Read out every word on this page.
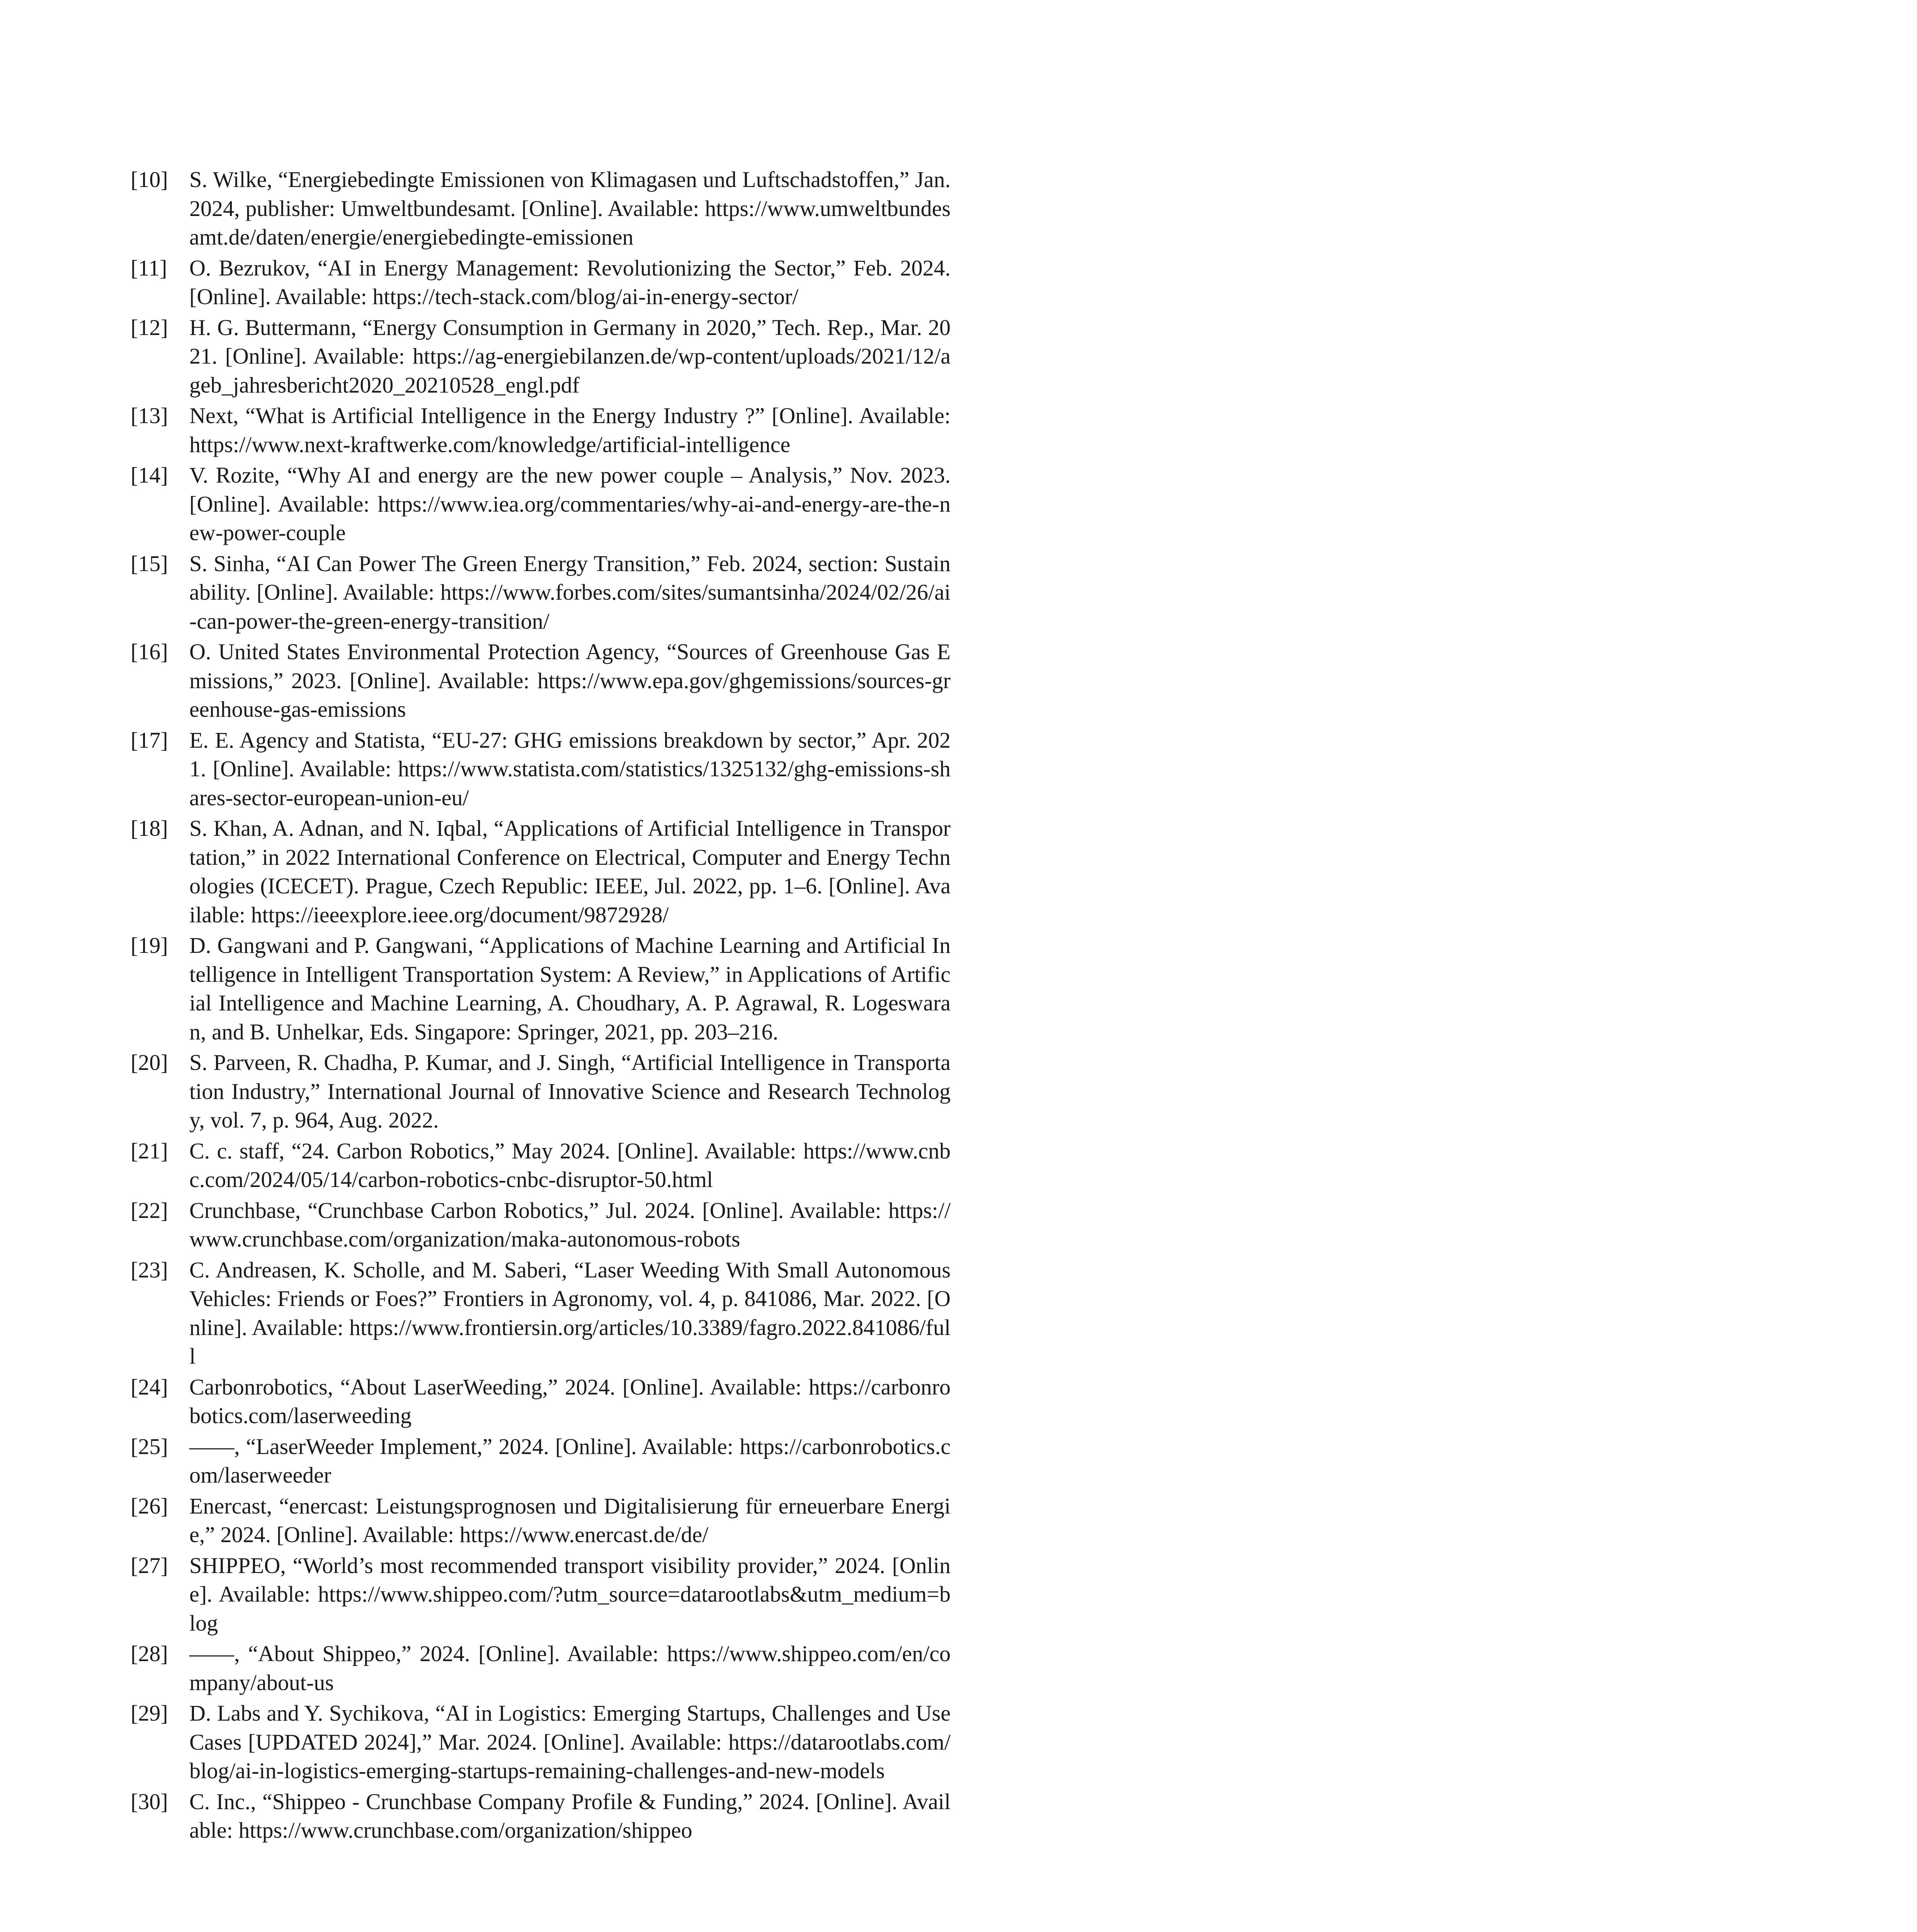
[10] S. Wilke, “Energiebedingte Emissionen von Klimagasen und Luftschadstoffen,” Jan. 2024, publisher: Umweltbundesamt. [Online]. Available: https://www.umweltbundesamt.de/daten/energie/energiebedingte-emissionen
[11] O. Bezrukov, “AI in Energy Management: Revolutionizing the Sector,” Feb. 2024. [Online]. Available: https://tech-stack.com/blog/ai-in-energy-sector/
[12] H. G. Buttermann, “Energy Consumption in Germany in 2020,” Tech. Rep., Mar. 2021. [Online]. Available: https://ag-energiebilanzen.de/wp-content/uploads/2021/12/ageb_jahresbericht2020_20210528_engl.pdf
[13] Next, “What is Artificial Intelligence in the Energy Industry ?” [Online]. Available: https://www.next-kraftwerke.com/knowledge/artificial-intelligence
[14] V. Rozite, “Why AI and energy are the new power couple – Analysis,” Nov. 2023. [Online]. Available: https://www.iea.org/commentaries/why-ai-and-energy-are-the-new-power-couple
[15] S. Sinha, “AI Can Power The Green Energy Transition,” Feb. 2024, section: Sustainability. [Online]. Available: https://www.forbes.com/sites/sumantsinha/2024/02/26/ai-can-power-the-green-energy-transition/
[16] O. United States Environmental Protection Agency, “Sources of Greenhouse Gas Emissions,” 2023. [Online]. Available: https://www.epa.gov/ghgemissions/sources-greenhouse-gas-emissions
[17] E. E. Agency and Statista, “EU-27: GHG emissions breakdown by sector,” Apr. 2021. [Online]. Available: https://www.statista.com/statistics/1325132/ghg-emissions-shares-sector-european-union-eu/
[18] S. Khan, A. Adnan, and N. Iqbal, “Applications of Artificial Intelligence in Transportation,” in 2022 International Conference on Electrical, Computer and Energy Technologies (ICECET). Prague, Czech Republic: IEEE, Jul. 2022, pp. 1–6. [Online]. Available: https://ieeexplore.ieee.org/document/9872928/
[19] D. Gangwani and P. Gangwani, “Applications of Machine Learning and Artificial Intelligence in Intelligent Transportation System: A Review,” in Applications of Artificial Intelligence and Machine Learning, A. Choudhary, A. P. Agrawal, R. Logeswaran, and B. Unhelkar, Eds. Singapore: Springer, 2021, pp. 203–216.
[20] S. Parveen, R. Chadha, P. Kumar, and J. Singh, “Artificial Intelligence in Transportation Industry,” International Journal of Innovative Science and Research Technology, vol. 7, p. 964, Aug. 2022.
[21] C. c. staff, “24. Carbon Robotics,” May 2024. [Online]. Available: https://www.cnbc.com/2024/05/14/carbon-robotics-cnbc-disruptor-50.html
[22] Crunchbase, “Crunchbase Carbon Robotics,” Jul. 2024. [Online]. Available: https://www.crunchbase.com/organization/maka-autonomous-robots
[23] C. Andreasen, K. Scholle, and M. Saberi, “Laser Weeding With Small Autonomous Vehicles: Friends or Foes?” Frontiers in Agronomy, vol. 4, p. 841086, Mar. 2022. [Online]. Available: https://www.frontiersin.org/articles/10.3389/fagro.2022.841086/full
[24] Carbonrobotics, “About LaserWeeding,” 2024. [Online]. Available: https://carbonrobotics.com/laserweeding
[25] ——, “LaserWeeder Implement,” 2024. [Online]. Available: https://carbonrobotics.com/laserweeder
[26] Enercast, “enercast: Leistungsprognosen und Digitalisierung für erneuerbare Energie,” 2024. [Online]. Available: https://www.enercast.de/de/
[27] SHIPPEO, “World’s most recommended transport visibility provider,” 2024. [Online]. Available: https://www.shippeo.com/?utm_source=datarootlabs&utm_medium=blog
[28] ——, “About Shippeo,” 2024. [Online]. Available: https://www.shippeo.com/en/company/about-us
[29] D. Labs and Y. Sychikova, “AI in Logistics: Emerging Startups, Challenges and Use Cases [UPDATED 2024],” Mar. 2024. [Online]. Available: https://datarootlabs.com/blog/ai-in-logistics-emerging-startups-remaining-challenges-and-new-models
[30] C. Inc., “Shippeo - Crunchbase Company Profile & Funding,” 2024. [Online]. Available: https://www.crunchbase.com/organization/shippeo
